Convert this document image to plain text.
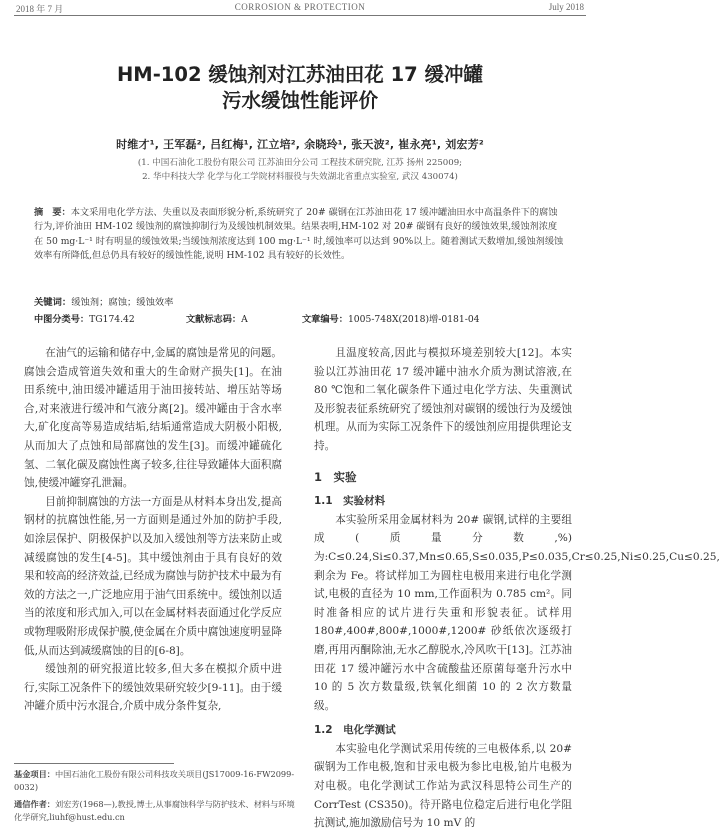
2018 年 7 月	CORROSION & PROTECTION	July 2018
HM-102 缓蚀剂对江苏油田花 17 缓冲罐
污水缓蚀性能评价
时维才¹, 王军磊², 吕红梅¹, 江立培², 余晓玲¹, 张天波², 崔永亮¹, 刘宏芳²
(1. 中国石油化工股份有限公司 江苏油田分公司 工程技术研究院, 江苏 扬州 225009;
2. 华中科技大学 化学与化工学院材料服役与失效湖北省重点实验室, 武汉 430074)
摘　要：本文采用电化学方法、失重以及表面形貌分析,系统研究了 20# 碳钢在江苏油田花 17 缓冲罐油田水中高温条件下的腐蚀行为,评价油田 HM-102 缓蚀剂的腐蚀抑制行为及缓蚀机制效果。结果表明,HM-102 对 20# 碳钢有良好的缓蚀效果,缓蚀剂浓度在 50 mg·L⁻¹ 时有明显的缓蚀效果;当缓蚀剂浓度达到 100 mg·L⁻¹ 时,缓蚀率可以达到 90%以上。随着测试天数增加,缓蚀剂缓蚀效率有所降低,但总仍具有较好的缓蚀性能,说明 HM-102 具有较好的长效性。
关键词：缓蚀剂；腐蚀；缓蚀效率
中图分类号：TG174.42	文献标志码：A	文章编号：1005-748X(2018)增-0181-04

在油气的运输和储存中,金属的腐蚀是常见的问题。腐蚀会造成管道失效和重大的生命财产损失[1]。在油田系统中,油田缓冲罐适用于油田接转站、增压站等场合,对来液进行缓冲和气液分离[2]。缓冲罐由于含水率大,矿化度高等易造成结垢,结垢通常造成大阴极小阳极,从而加大了点蚀和局部腐蚀的发生[3]。而缓冲罐硫化氢、二氧化碳及腐蚀性离子较多,往往导致罐体大面积腐蚀,使缓冲罐穿孔泄漏。

目前抑制腐蚀的方法一方面是从材料本身出发,提高钢材的抗腐蚀性能,另一方面则是通过外加的防护手段,如涂层保护、阴极保护以及加入缓蚀剂等方法来防止或减缓腐蚀的发生[4-5]。其中缓蚀剂由于具有良好的效果和较高的经济效益,已经成为腐蚀与防护技术中最为有效的方法之一,广泛地应用于油气田系统中。缓蚀剂以适当的浓度和形式加入,可以在金属材料表面通过化学反应或物理吸附形成保护膜,使金属在介质中腐蚀速度明显降低,从而达到减缓腐蚀的目的[6-8]。

缓蚀剂的研究报道比较多,但大多在模拟介质中进行,实际工况条件下的缓蚀效果研究较少[9-11]。由于缓冲罐介质中污水混合,介质中成分条件复杂,

且温度较高,因此与模拟环境差别较大[12]。本实验以江苏油田花 17 缓冲罐中油水介质为测试溶液,在 80 ℃饱和二氧化碳条件下通过电化学方法、失重测试及形貌表征系统研究了缓蚀剂对碳钢的缓蚀行为及缓蚀机理。从而为实际工况条件下的缓蚀剂应用提供理论支持。

1　实验
1.1　实验材料

本实验所采用金属材料为 20# 碳钢,试样的主要组成(质量分数,%)为:C≤0.24,Si≤0.37,Mn≤0.65,S≤0.035,P≤0.035,Cr≤0.25,Ni≤0.25,Cu≤0.25,剩余为 Fe。将试样加工为圆柱电极用来进行电化学测试,电极的直径为 10 mm,工作面积为 0.785 cm²。同时准备相应的试片进行失重和形貌表征。试样用 180#,400#,800#,1000#,1200# 砂纸依次逐级打磨,再用丙酮除油,无水乙醇脱水,冷风吹干[13]。江苏油田花 17 缓冲罐污水中含硫酸盐还原菌每毫升污水中 10 的 5 次方数量级,铁氧化细菌 10 的 2 次方数量级。

1.2　电化学测试

本实验电化学测试采用传统的三电极体系,以 20# 碳钢为工作电极,饱和甘汞电极为参比电极,铂片电极为对电极。电化学测试工作站为武汉科思特公司生产的 CorrTest (CS350)。待开路电位稳定后进行电化学阻抗测试,施加激励信号为 10 mV 的

基金项目：中国石油化工股份有限公司科技攻关项目(JS17009-16-FW2099-0032)
通信作者：刘宏芳(1968—),教授,博士,从事腐蚀科学与防护技术、材料与环境化学研究,liuhf@hust.edu.cn
